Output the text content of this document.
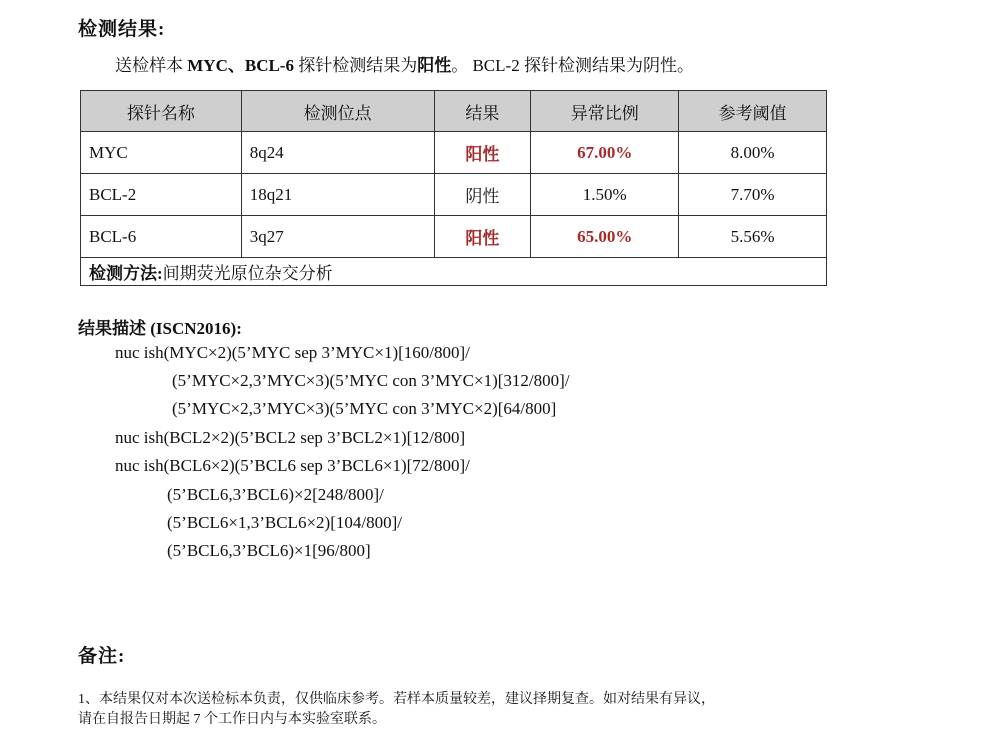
检测结果:
送检样本 MYC、BCL-6 探针检测结果为阳性。 BCL-2 探针检测结果为阴性。
探针名称	检测位点	结果	异常比例	参考阈值
MYC	8q24	阳性	67.00%	8.00%
BCL-2	18q21	阴性	1.50%	7.70%
BCL-6	3q27	阳性	65.00%	5.56%
检测方法:间期荧光原位杂交分析				
结果描述 (ISCN2016):
nuc ish(MYC×2)(5’MYC sep 3’MYC×1)[160/800]/
(5’MYC×2,3’MYC×3)(5’MYC con 3’MYC×1)[312/800]/
(5’MYC×2,3’MYC×3)(5’MYC con 3’MYC×2)[64/800]
nuc ish(BCL2×2)(5’BCL2 sep 3’BCL2×1)[12/800]
nuc ish(BCL6×2)(5’BCL6 sep 3’BCL6×1)[72/800]/
(5’BCL6,3’BCL6)×2[248/800]/
(5’BCL6×1,3’BCL6×2)[104/800]/
(5’BCL6,3’BCL6)×1[96/800]
备注:
1、本结果仅对本次送检标本负责，仅供临床参考。若样本质量较差，建议择期复查。如对结果有异议，
请在自报告日期起 7 个工作日内与本实验室联系。
